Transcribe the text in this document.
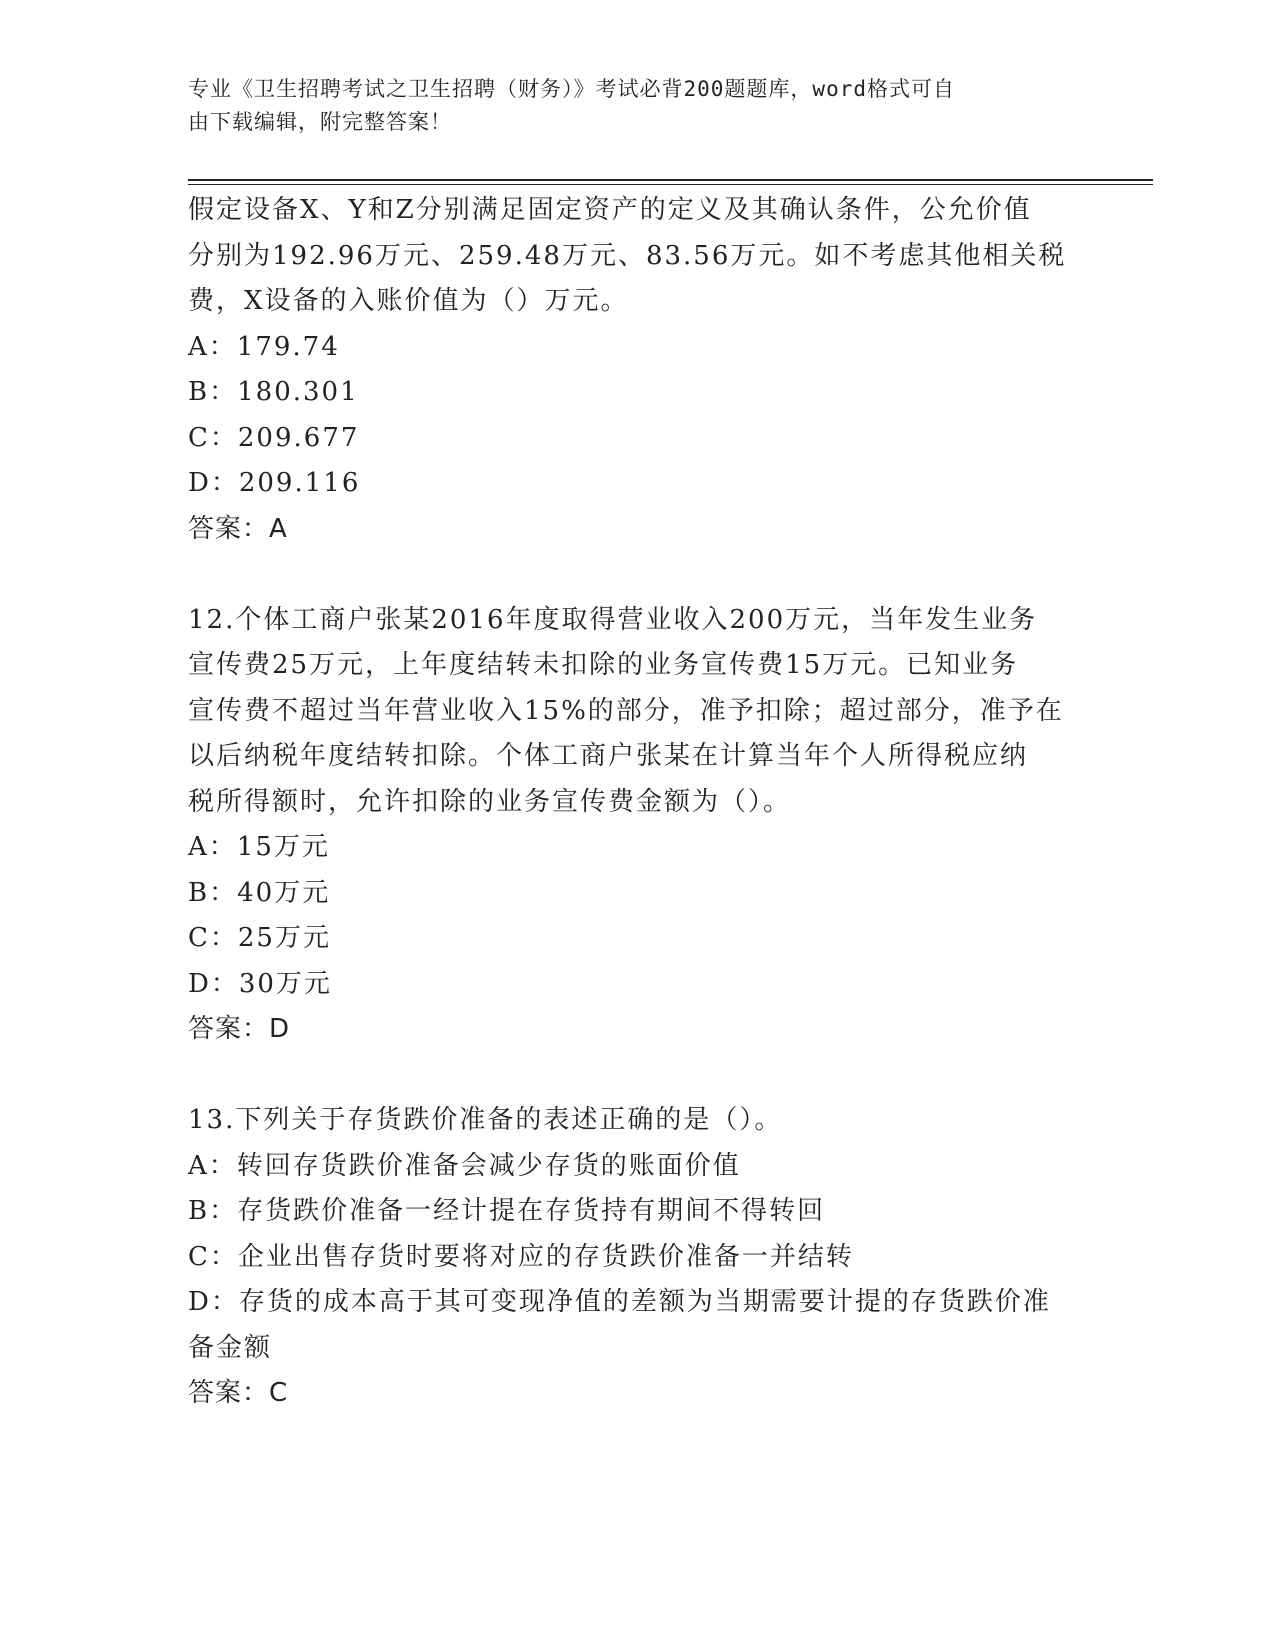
专业《卫生招聘考试之卫生招聘（财务）》考试必背200题题库，word格式可自
由下载编辑，附完整答案！
假定设备X、Y和Z分别满足固定资产的定义及其确认条件，公允价值
分别为192.96万元、259.48万元、83.56万元。如不考虑其他相关税
费，X设备的入账价值为（）万元。
A：179.74
B：180.301
C：209.677
D：209.116
答案：A
12.个体工商户张某2016年度取得营业收入200万元，当年发生业务
宣传费25万元，上年度结转未扣除的业务宣传费15万元。已知业务
宣传费不超过当年营业收入15%的部分，准予扣除；超过部分，准予在
以后纳税年度结转扣除。个体工商户张某在计算当年个人所得税应纳
税所得额时，允许扣除的业务宣传费金额为（）。
A：15万元
B：40万元
C：25万元
D：30万元
答案：D
13.下列关于存货跌价准备的表述正确的是（）。
A：转回存货跌价准备会减少存货的账面价值
B：存货跌价准备一经计提在存货持有期间不得转回
C：企业出售存货时要将对应的存货跌价准备一并结转
D：存货的成本高于其可变现净值的差额为当期需要计提的存货跌价准
备金额
答案：C
